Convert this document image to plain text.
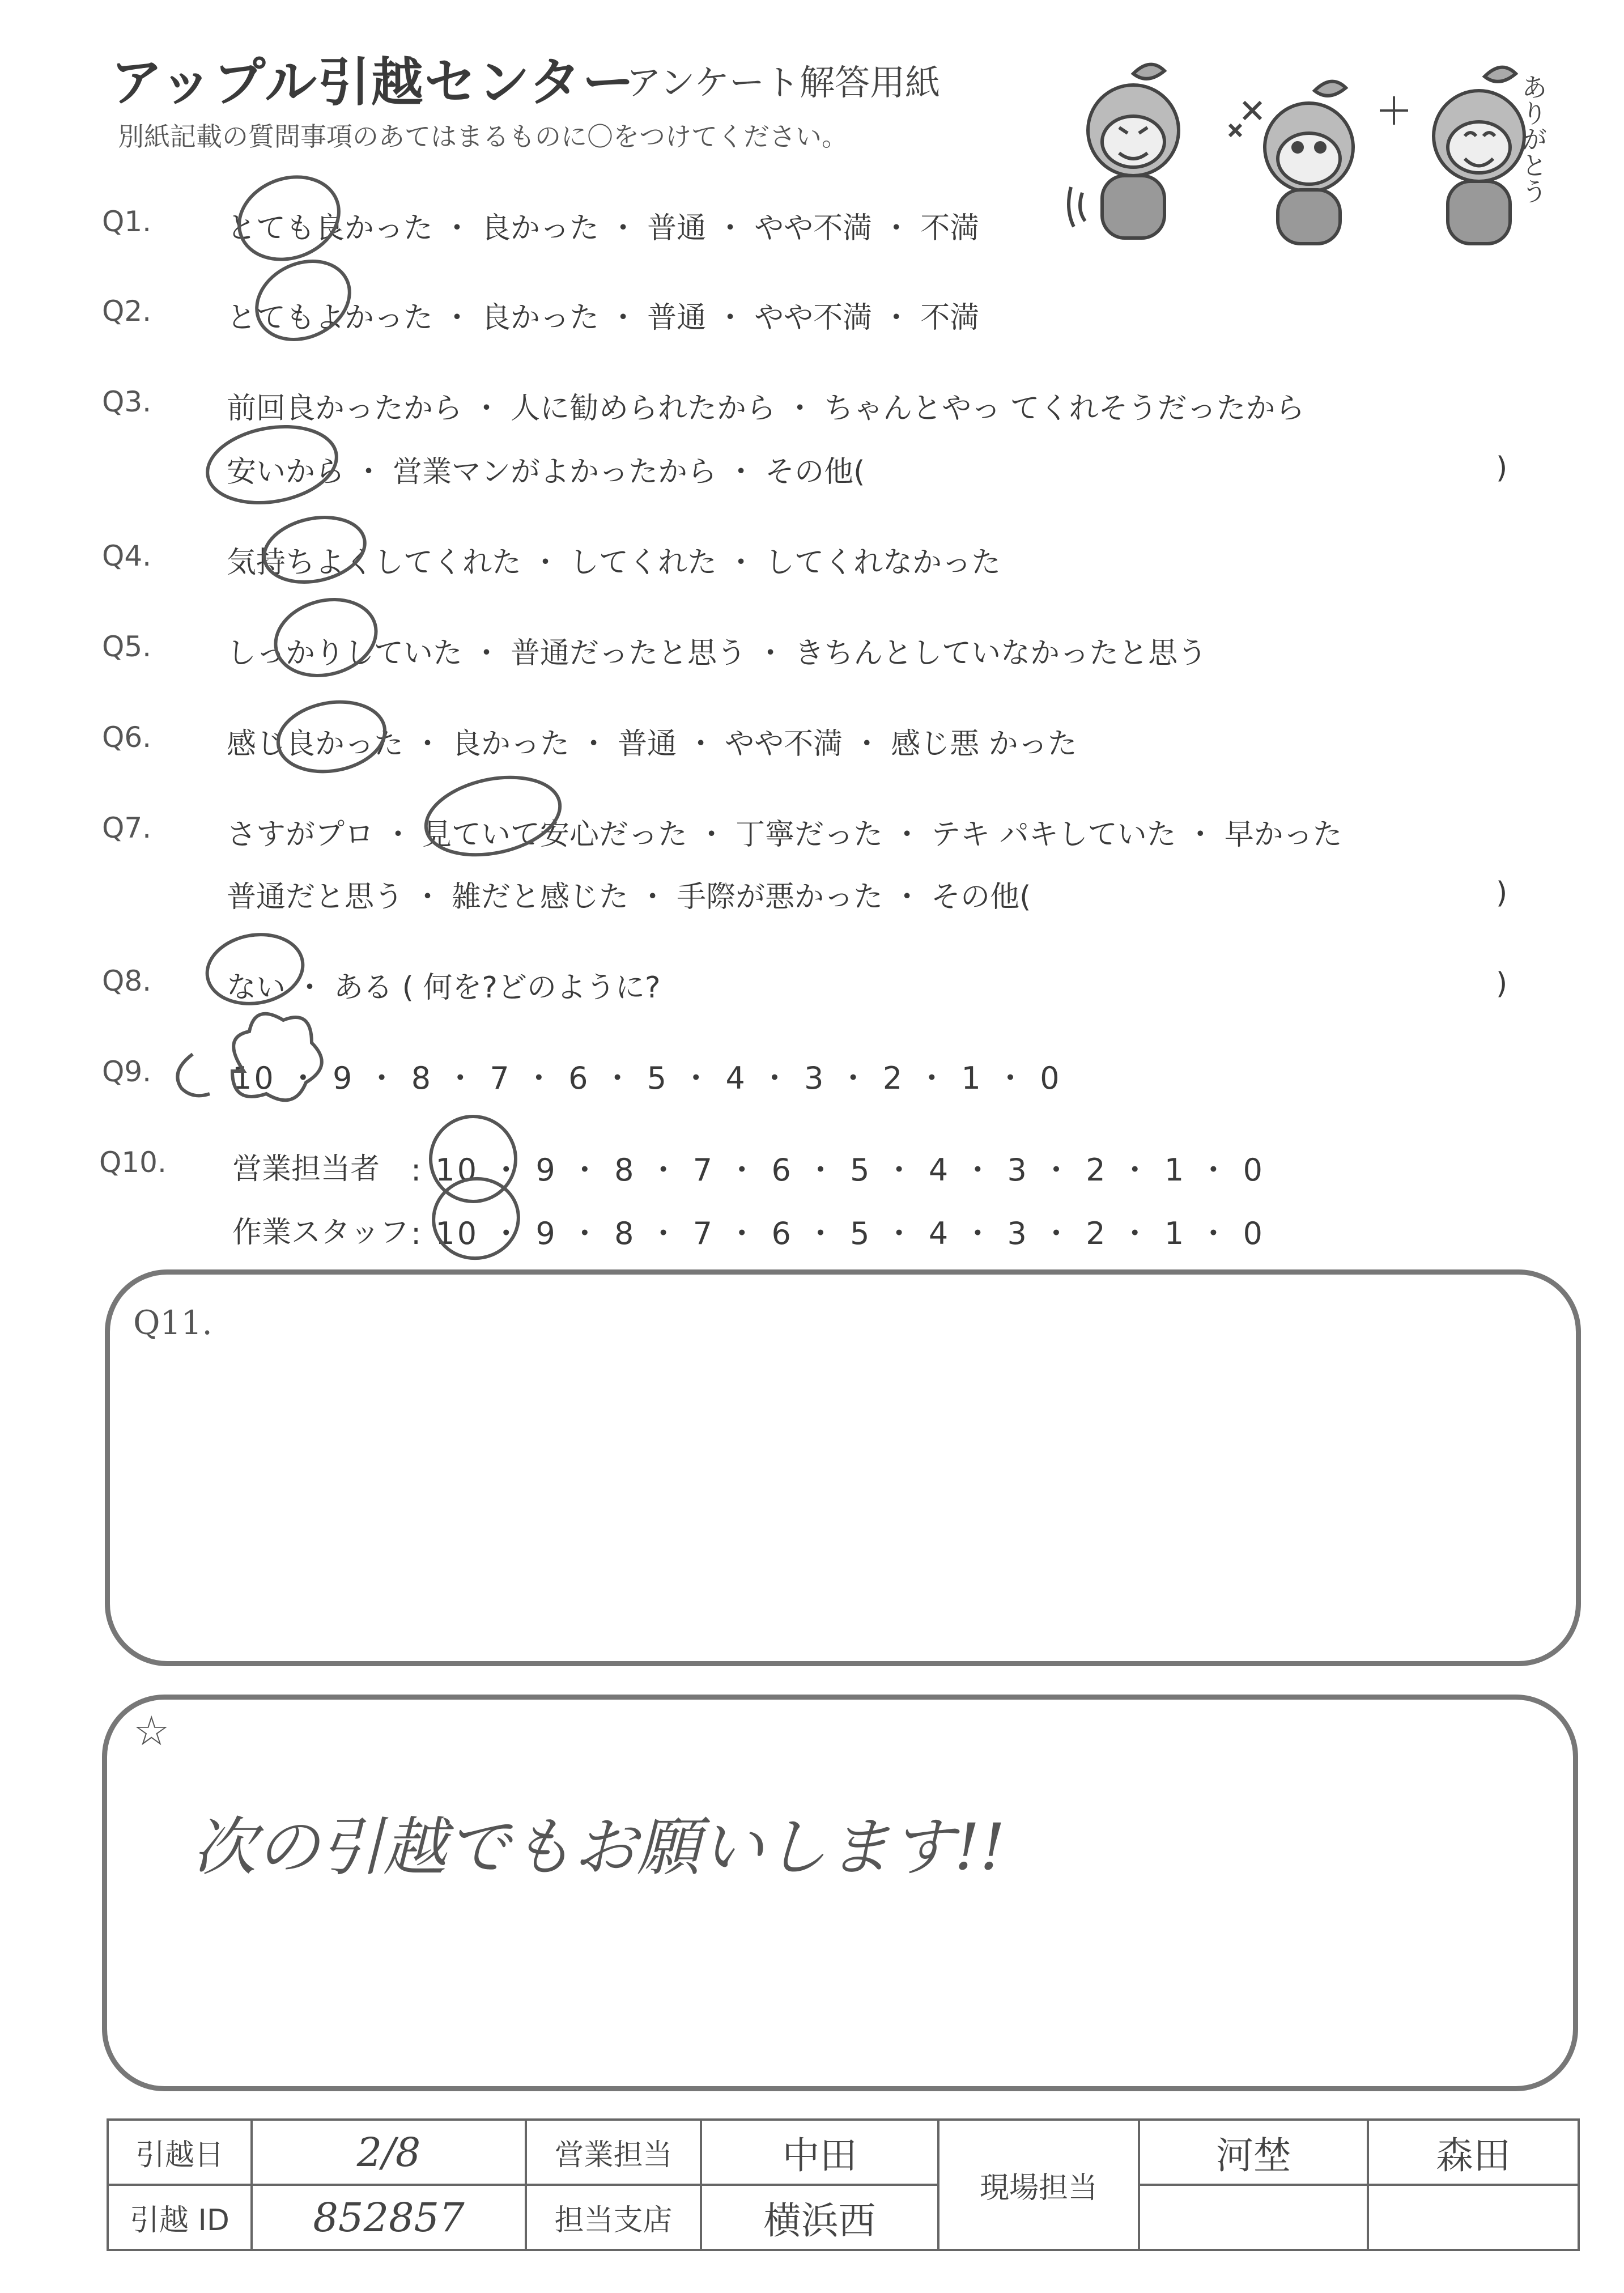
アップル引越センター
アンケート解答用紙
別紙記載の質問事項のあてはまるものに〇をつけてください。	ありがとう
Q1.	とても良かった ・ 良かった ・ 普通 ・ やや不満 ・ 不満
Q2.	とてもよかった ・ 良かった ・ 普通 ・ やや不満 ・ 不満
Q3.	前回良かったから ・ 人に勧められたから ・ ちゃんとやっ てくれそうだったから
安いから ・ 営業マンがよかったから ・ その他(	)
Q4.	気持ちよくしてくれた ・ してくれた ・ してくれなかった
Q5.	しっかりしていた ・ 普通だったと思う ・ きちんとしていなかったと思う
Q6.	感じ良かった ・ 良かった ・ 普通 ・ やや不満 ・ 感じ悪 かった
Q7.	さすがプロ ・ 見ていて安心だった ・ 丁寧だった ・ テキ パキしていた ・ 早かった
普通だと思う ・ 雑だと感じた ・ 手際が悪かった ・ その他(	)
Q8.	ない ・ ある ( 何を?どのように?	)
Q9.	10 ・ 9 ・ 8 ・ 7 ・ 6 ・ 5 ・ 4 ・ 3 ・ 2 ・ 1 ・ 0
Q10. 営業担当者 : 10 ・ 9 ・ 8 ・ 7 ・ 6 ・ 5 ・ 4 ・ 3 ・ 2 ・ 1 ・ 0
作業スタッフ : 10 ・ 9 ・ 8 ・ 7 ・ 6 ・ 5 ・ 4 ・ 3 ・ 2 ・ 1 ・ 0
Q11.
☆
次の引越でもお願いします!!
引越日	2/8	営業担当	中田	現場担当	河埜	森田
引越 ID	852857	担当支店	横浜西			
